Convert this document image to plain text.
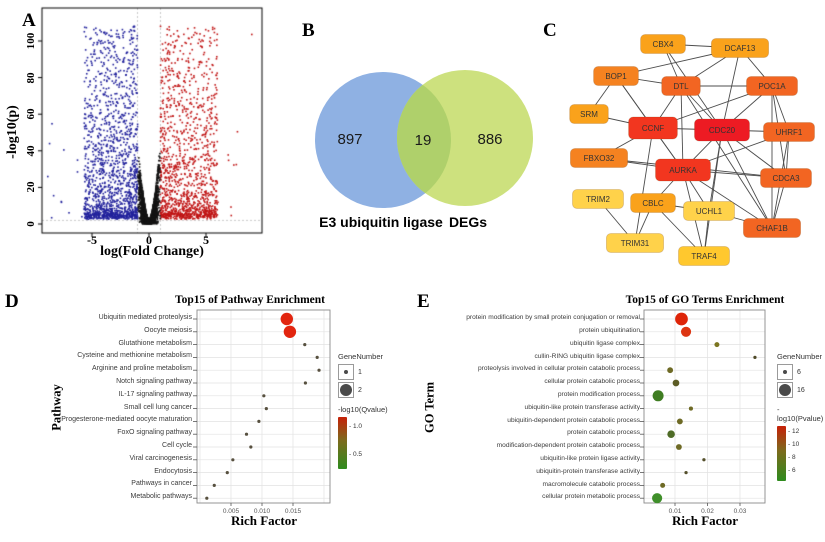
B	C
D	E
-log10(p)
log(Fold Change)
897	19	886
E3 ubiquitin ligase DEGs
CBX4	DCAF13
BOP1
DTL	POC1A
SRM
CCNF	CDC20	UHRF1
FBXO32
AURKA
CDCA3
TRIM2	CBLC
UCHL1
CHAF1B
TRIM31
TRAF4
Top15 of Pathway Enrichment
Pathway
0.005 0.010 0.015
Rich Factor
GeneNumber
1
2
-log10(Qvalue)
- 1.0
- 0.5
Top15 of GO Terms Enrichment
GO Term
0.01	0.02	0.03
Rich Factor
GeneNumber
6
16
-log10(Pvalue)
- 12
- 10
- 8
- 6
0
20
40
60
80
100
-5	0	5
Ubiquitin mediated proteolysis
Oocyte meiosis
Glutathione metabolism
Cysteine and methionine metabolism
Arginine and proline metabolism
Notch signaling pathway
IL-17 signaling pathway
Small cell lung cancer
Progesterone-mediated oocyte maturation
FoxO signaling pathway
Cell cycle
Viral carcinogenesis
Endocytosis
Pathways in cancer
Metabolic pathways
protein modification by small protein conjugation or removal
protein ubiquitination
ubiquitin ligase complex
cullin-RING ubiquitin ligase complex
proteolysis involved in cellular protein catabolic process
cellular protein catabolic process
protein modification process
ubiquitin-like protein transferase activity
ubiquitin-dependent protein catabolic process
protein catabolic process
modification-dependent protein catabolic process
ubiquitin-like protein ligase activity
ubiquitin-protein transferase activity
macromolecule catabolic process
cellular protein metabolic process
